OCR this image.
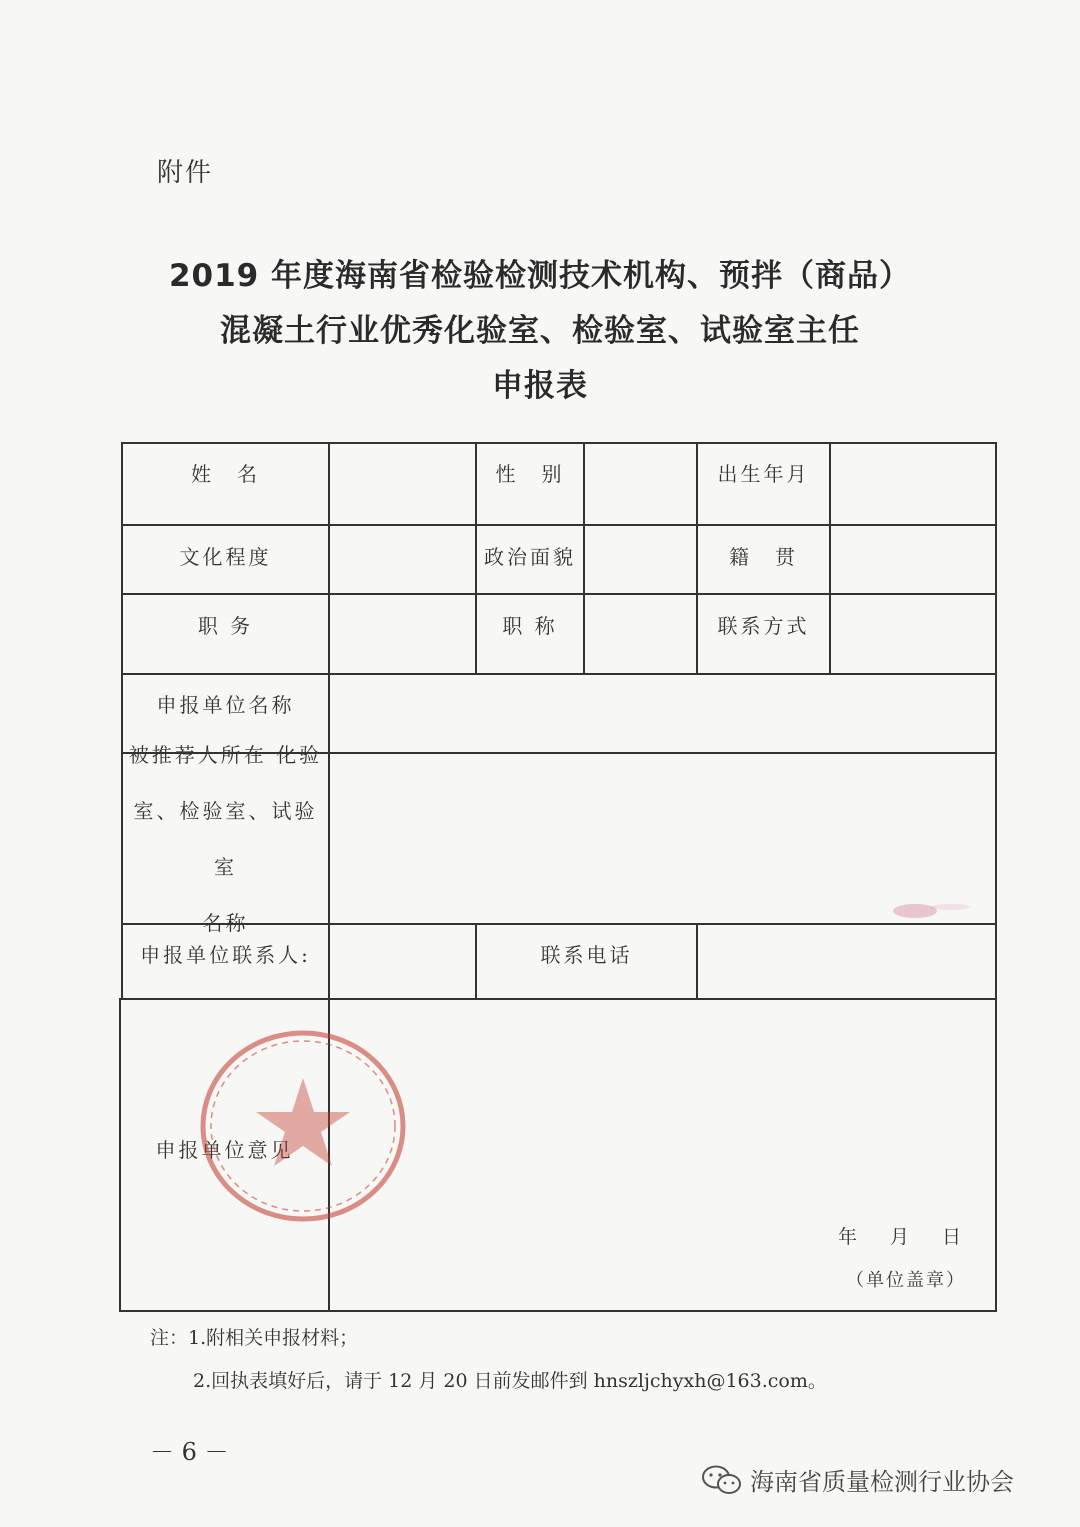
附件
2019 年度海南省检验检测技术机构、预拌（商品）
混凝土行业优秀化验室、检验室、试验室主任
申报表
姓　名	性　别	出生年月
文化程度	政治面貌	籍　贯
职 务	职 称	联系方式
申报单位名称
被推荐人所在 化验
室、检验室、试验室
名称
申报单位联系人:	联系电话
申报单位意见
年 月 日
（单位盖章）
注：1.附相关申报材料；
2.回执表填好后，请于 12 月 20 日前发邮件到 hnszljchyxh@163.com。
－ 6 －
海南省质量检测行业协会
